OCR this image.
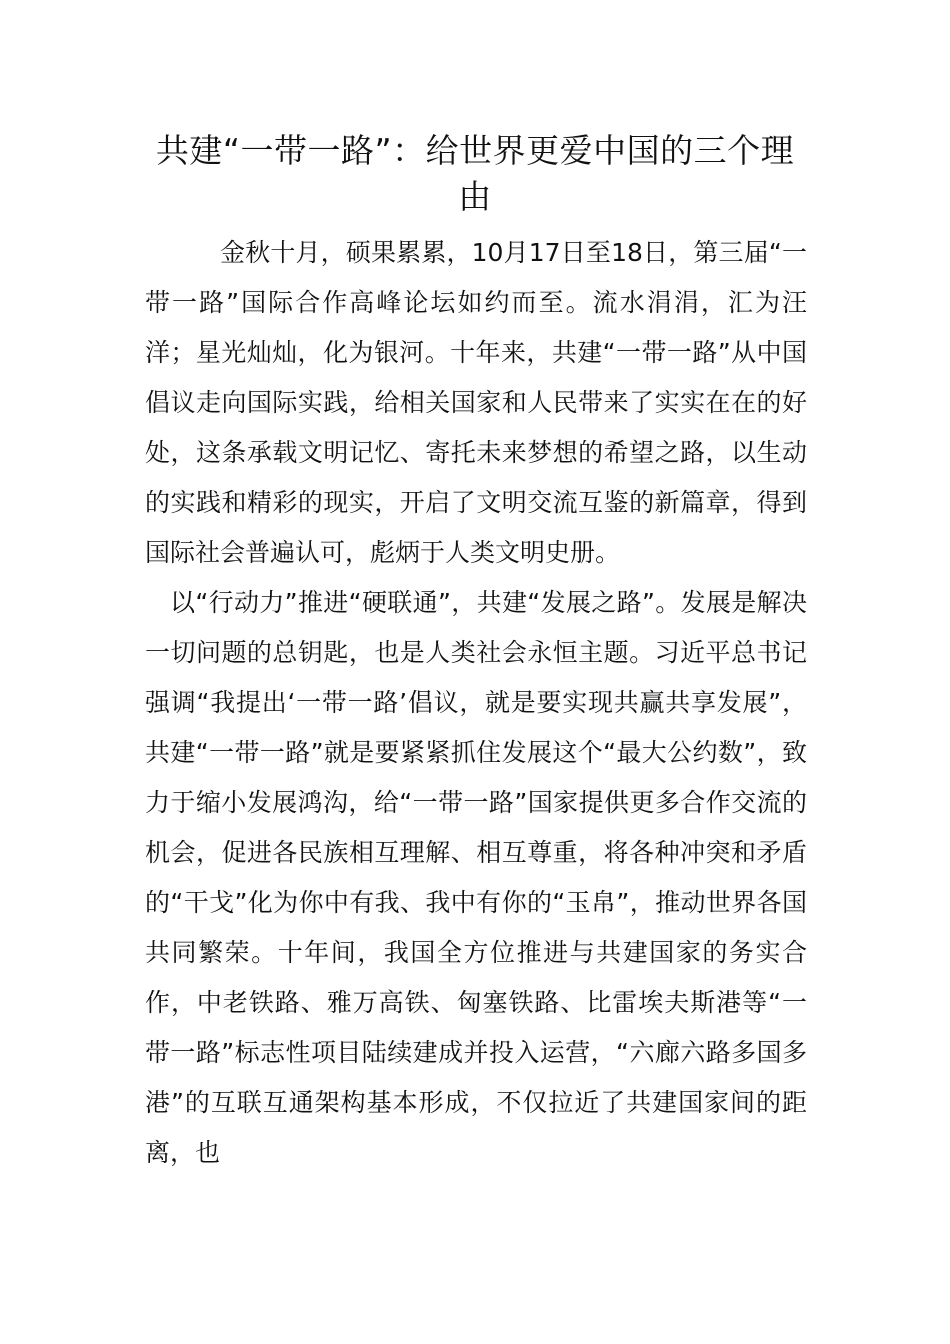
共建“一带一路”：给世界更爱中国的三个理由

金秋十月，硕果累累，10月17日至18日，第三届“一带一路”国际合作高峰论坛如约而至。流水涓涓，汇为汪洋；星光灿灿，化为银河。十年来，共建“一带一路”从中国倡议走向国际实践，给相关国家和人民带来了实实在在的好处，这条承载文明记忆、寄托未来梦想的希望之路，以生动的实践和精彩的现实，开启了文明交流互鉴的新篇章，得到国际社会普遍认可，彪炳于人类文明史册。

以“行动力”推进“硬联通”，共建“发展之路”。发展是解决一切问题的总钥匙，也是人类社会永恒主题。习近平总书记强调“我提出‘一带一路’倡议，就是要实现共赢共享发展”，共建“一带一路”就是要紧紧抓住发展这个“最大公约数”，致力于缩小发展鸿沟，给“一带一路”国家提供更多合作交流的机会，促进各民族相互理解、相互尊重，将各种冲突和矛盾的“干戈”化为你中有我、我中有你的“玉帛”，推动世界各国共同繁荣。十年间，我国全方位推进与共建国家的务实合作，中老铁路、雅万高铁、匈塞铁路、比雷埃夫斯港等“一带一路”标志性项目陆续建成并投入运营，“六廊六路多国多港”的互联互通架构基本形成，不仅拉近了共建国家间的距离，也
